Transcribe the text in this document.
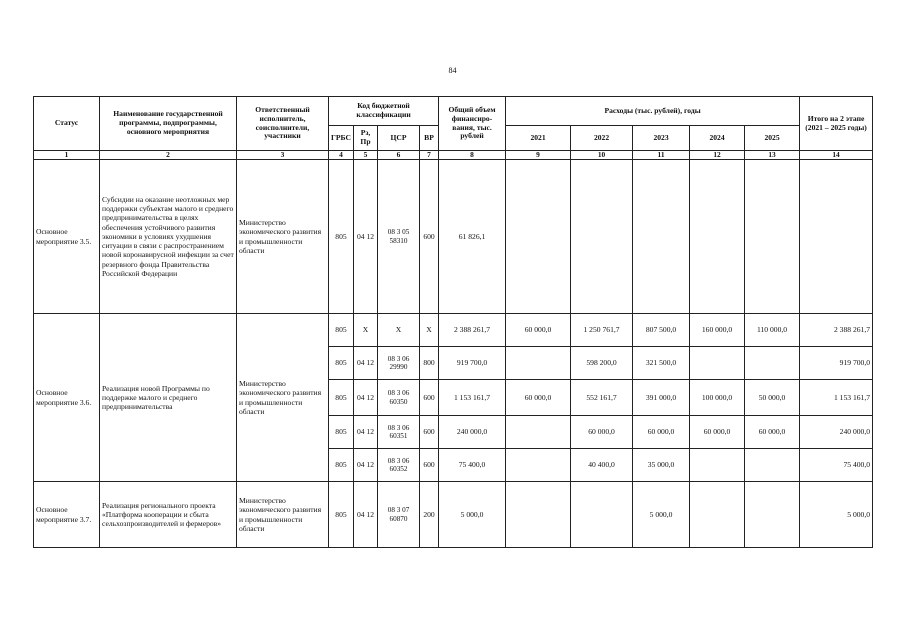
84
Статус	Наименование государственной программы, подпрограммы, основного мероприятия	Ответственный исполнитель, соисполнители, участники	Код бюджетной классификации				Общий объем финансиро-вания, тыс. рублей	Расходы (тыс. рублей), годы					Итого на 2 этапе (2021 – 2025 годы)
			ГРБС	Рз, Пр	ЦСР	ВР		2021	2022	2023	2024	2025	
1	2	3	4	5	6	7	8	9	10	11	12	13	14
Основное мероприятие 3.5.	Субсидии на оказание неотложных мер поддержки субъектам малого и среднего предпринимательства в целях обеспечения устойчивого развития экономики в условиях ухудшения ситуации в связи с распространением новой коронавирусной инфекции за счет резервного фонда Правительства Российской Федерации	Министерство экономического развития и промышленности области	805	04 12	08 3 05 58310	600	61 826,1						
Основное мероприятие 3.6.	Реализация новой Программы по поддержке малого и среднего предпринимательства	Министерство экономического развития и промышленности области	805	Х	Х	Х	2 388 261,7	60 000,0	1 250 761,7	807 500,0	160 000,0	110 000,0	2 388 261,7
			805	04 12	08 3 06 29990	800	919 700,0		598 200,0	321 500,0			919 700,0
			805	04 12	08 3 06 60350	600	1 153 161,7	60 000,0	552 161,7	391 000,0	100 000,0	50 000,0	1 153 161,7
			805	04 12	08 3 06 60351	600	240 000,0		60 000,0	60 000,0	60 000,0	60 000,0	240 000,0
			805	04 12	08 3 06 60352	600	75 400,0		40 400,0	35 000,0			75 400,0
Основное мероприятие 3.7.	Реализация регионального проекта «Платформа кооперации и сбыта сельхозпроизводителей и фермеров»	Министерство экономического развития и промышленности области	805	04 12	08 3 07 60870	200	5 000,0			5 000,0			5 000,0
